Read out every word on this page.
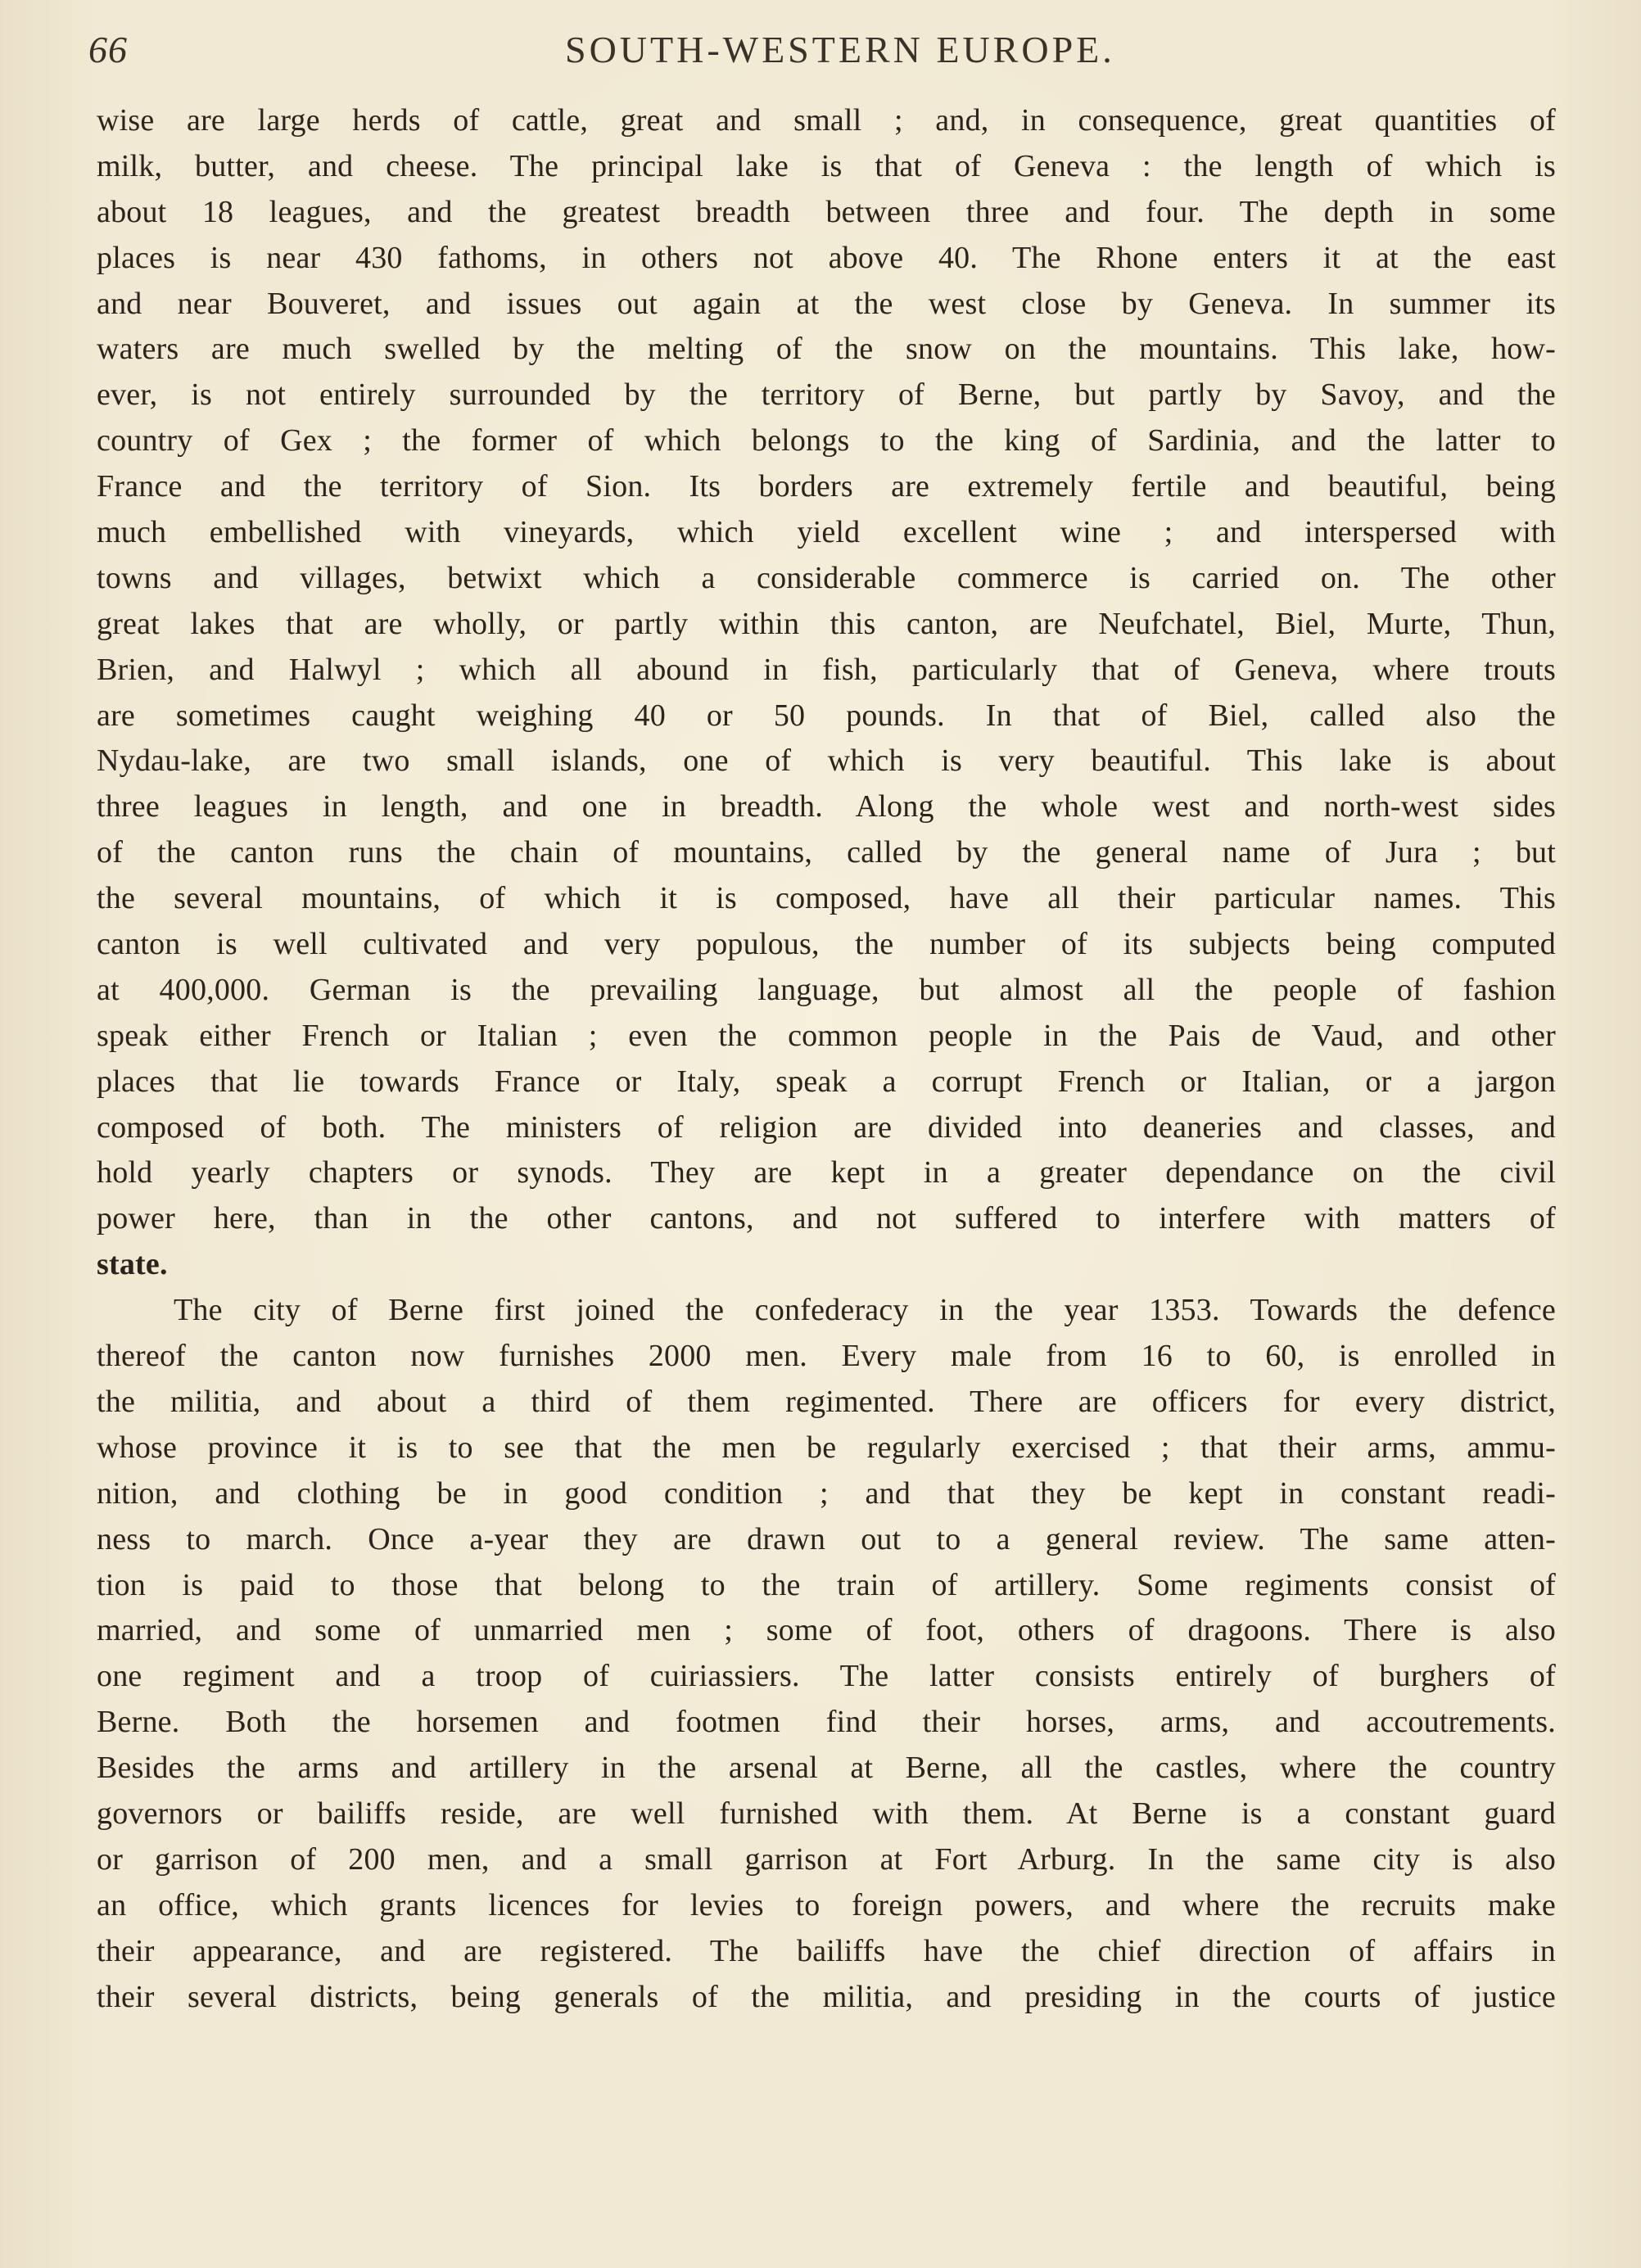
66	SOUTH-WESTERN EUROPE.
wise are large herds of cattle, great and small ; and, in consequence, great quantities of
milk, butter, and cheese. The principal lake is that of Geneva : the length of which is
about 18 leagues, and the greatest breadth between three and four. The depth in some
places is near 430 fathoms, in others not above 40. The Rhone enters it at the east
and near Bouveret, and issues out again at the west close by Geneva. In summer its
waters are much swelled by the melting of the snow on the mountains. This lake, how-
ever, is not entirely surrounded by the territory of Berne, but partly by Savoy, and the
country of Gex ; the former of which belongs to the king of Sardinia, and the latter to
France and the territory of Sion. Its borders are extremely fertile and beautiful, being
much embellished with vineyards, which yield excellent wine ; and interspersed with
towns and villages, betwixt which a considerable commerce is carried on. The other
great lakes that are wholly, or partly within this canton, are Neufchatel, Biel, Murte, Thun,
Brien, and Halwyl ; which all abound in fish, particularly that of Geneva, where trouts
are sometimes caught weighing 40 or 50 pounds. In that of Biel, called also the
Nydau-lake, are two small islands, one of which is very beautiful. This lake is about
three leagues in length, and one in breadth. Along the whole west and north-west sides
of the canton runs the chain of mountains, called by the general name of Jura ; but
the several mountains, of which it is composed, have all their particular names. This
canton is well cultivated and very populous, the number of its subjects being computed
at 400,000. German is the prevailing language, but almost all the people of fashion
speak either French or Italian ; even the common people in the Pais de Vaud, and other
places that lie towards France or Italy, speak a corrupt French or Italian, or a jargon
composed of both. The ministers of religion are divided into deaneries and classes, and
hold yearly chapters or synods. They are kept in a greater dependance on the civil
power here, than in the other cantons, and not suffered to interfere with matters of
state.
The city of Berne first joined the confederacy in the year 1353. Towards the defence
thereof the canton now furnishes 2000 men. Every male from 16 to 60, is enrolled in
the militia, and about a third of them regimented. There are officers for every district,
whose province it is to see that the men be regularly exercised ; that their arms, ammu-
nition, and clothing be in good condition ; and that they be kept in constant readi-
ness to march. Once a-year they are drawn out to a general review. The same atten-
tion is paid to those that belong to the train of artillery. Some regiments consist of
married, and some of unmarried men ; some of foot, others of dragoons. There is also
one regiment and a troop of cuiriassiers. The latter consists entirely of burghers of
Berne. Both the horsemen and footmen find their horses, arms, and accoutrements.
Besides the arms and artillery in the arsenal at Berne, all the castles, where the country
governors or bailiffs reside, are well furnished with them. At Berne is a constant guard
or garrison of 200 men, and a small garrison at Fort Arburg. In the same city is also
an office, which grants licences for levies to foreign powers, and where the recruits make
their appearance, and are registered. The bailiffs have the chief direction of affairs in
their several districts, being generals of the militia, and presiding in the courts of justice
